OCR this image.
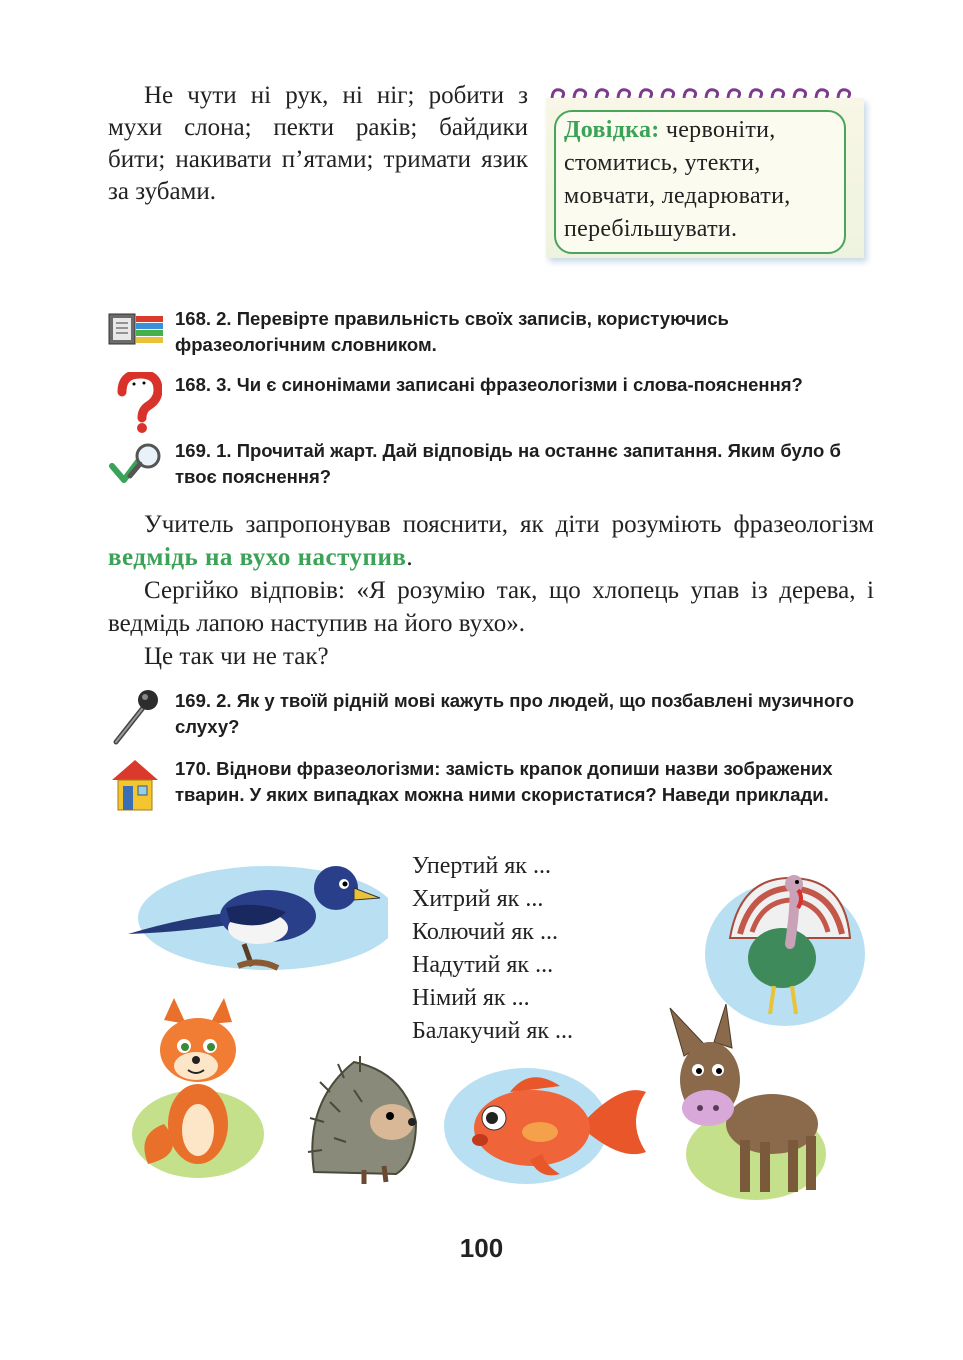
Не чути ні рук, ні ніг; робити з мухи слона; пекти раків; байдики бити; накивати п’ятами; тримати язик за зубами.
Довідка: червоніти, стомитись, утекти, мовчати, ледарювати, перебільшувати.
168. 2. Перевірте правильність своїх записів, користуючись фразеологічним словником.
168. 3. Чи є синонімами записані фразеологізми і слова-пояснення?
169. 1. Прочитай жарт. Дай відповідь на останнє запитання. Яким було б твоє пояснення?

Учитель запропонував пояснити, як діти розуміють фразеологізм ведмідь на вухо наступив.

Сергійко відповів: «Я розумію так, що хлопець упав із дерева, і ведмідь лапою наступив на його вухо».

Це так чи не так?

169. 2. Як у твоїй рідній мові кажуть про людей, що позбавлені музичного слуху?
170. Віднови фразеологізми: замість крапок допиши назви зображених тварин. У яких випадках можна ними скористатися? Наведи приклади.
Упертий як ...
Хитрий як ...
Колючий як ...
Надутий як ...
Німий як ...
Балакучий як ...
100
